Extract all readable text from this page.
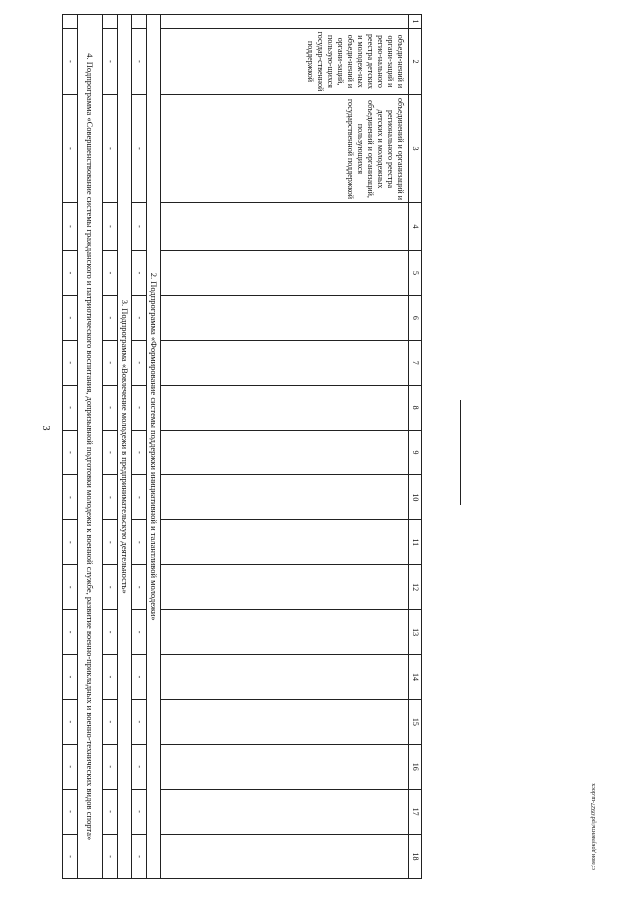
3
c:\мои документы\pd\0927-ш.docx
1	2	3	4	5	6	7	8	9	10	11	12	13	14	15	16	17	18
	объеди-нений и органи-заций и регио-нального реестра детских и молодеж-ных объеди-нений и органи-заций, пользую-щихся государ-ственной поддержкой	объединений и организаций и регионального реестра детских и молодежных объединений и организаций, пользующихся государственной поддержкой															
2. Подпрограмма «Формирование системы поддержки инициативной и талантливой молодежи»																	
	-	-	-	-	-	-	-	-	-	-	-	-	-	-	-	-	-
3. Подпрограмма «Вовлечение молодежи в предпринимательскую деятельность»																	
	-	-	-	-	-	-	-	-	-	-	-	-	-	-	-	-	-
4. Подпрограмма «Совершенствование системы гражданского и патриотического воспитания, допризывной подготовки молодежи к военной службе, развитие военно-прикладных и военно-технических видов спорта»																	
	-	-	-	-	-	-	-	-	-	-	-	-	-	-	-	-	-
